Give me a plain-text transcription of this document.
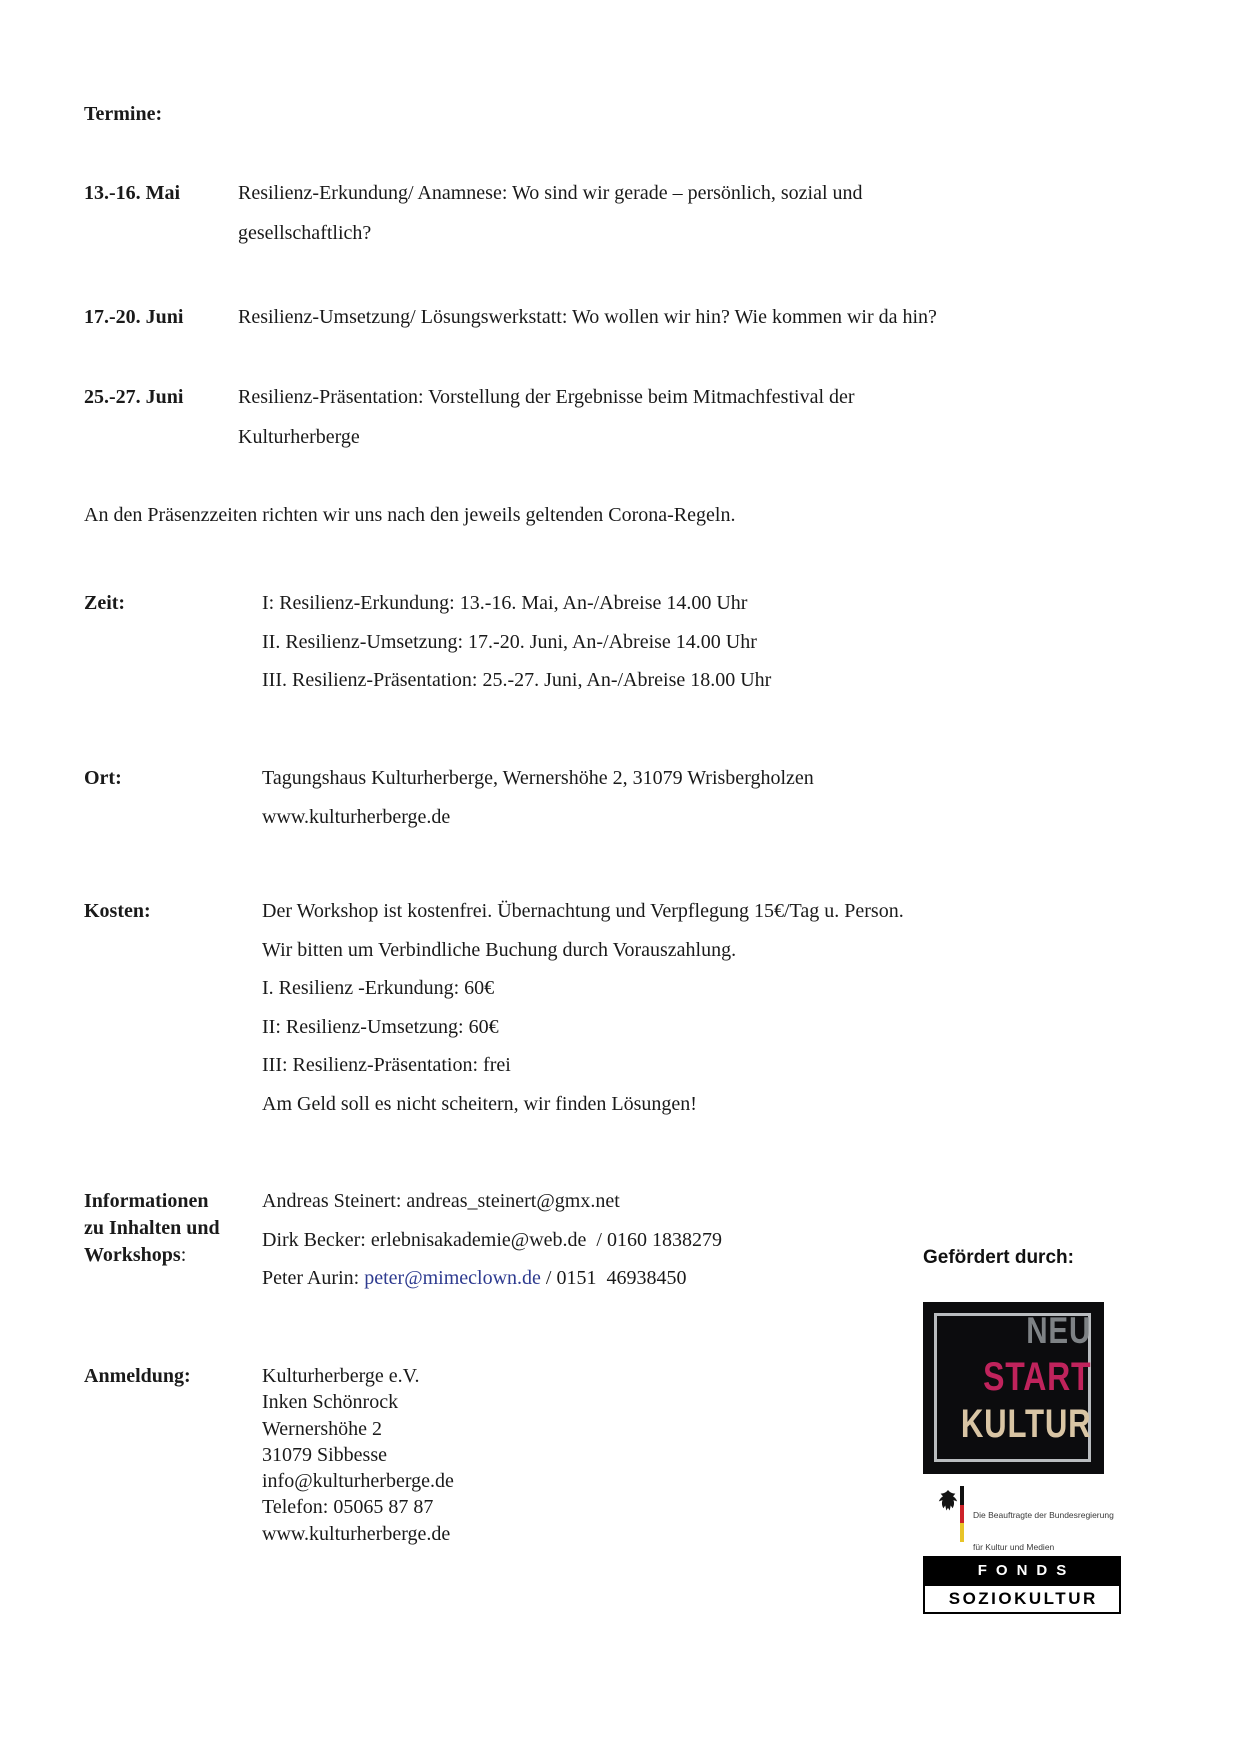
Termine:
13.-16. Mai	Resilienz-Erkundung/ Anamnese: Wo sind wir gerade – persönlich, sozial und
gesellschaftlich?
17.-20. Juni	Resilienz-Umsetzung/ Lösungswerkstatt: Wo wollen wir hin? Wie kommen wir da hin?
25.-27. Juni	Resilienz-Präsentation: Vorstellung der Ergebnisse beim Mitmachfestival der
Kulturherberge
An den Präsenzzeiten richten wir uns nach den jeweils geltenden Corona-Regeln.
Zeit:	I: Resilienz-Erkundung: 13.-16. Mai, An-/Abreise 14.00 Uhr
II. Resilienz-Umsetzung: 17.-20. Juni, An-/Abreise 14.00 Uhr
III. Resilienz-Präsentation: 25.-27. Juni, An-/Abreise 18.00 Uhr
Ort:	Tagungshaus Kulturherberge, Wernershöhe 2, 31079 Wrisbergholzen
www.kulturherberge.de
Kosten:	Der Workshop ist kostenfrei. Übernachtung und Verpflegung 15€/Tag u. Person.
Wir bitten um Verbindliche Buchung durch Vorauszahlung.
I. Resilienz -Erkundung: 60€
II: Resilienz-Umsetzung: 60€
III: Resilienz-Präsentation: frei
Am Geld soll es nicht scheitern, wir finden Lösungen!
Informationen
zu Inhalten und
Workshops:
Andreas Steinert: andreas_steinert@gmx.net
Dirk Becker: erlebnisakademie@web.de  / 0160 1838279
Peter Aurin: peter@mimeclown.de / 0151  46938450
Anmeldung:	Kulturherberge e.V.
Inken Schönrock
Wernershöhe 2
31079 Sibbesse
info@kulturherberge.de
Telefon: 05065 87 87
www.kulturherberge.de
Gefördert durch:
NEU
START
KULTUR

Die Beauftragte der Bundesregierung

für Kultur und Medien

FONDS
SOZIOKULTUR
